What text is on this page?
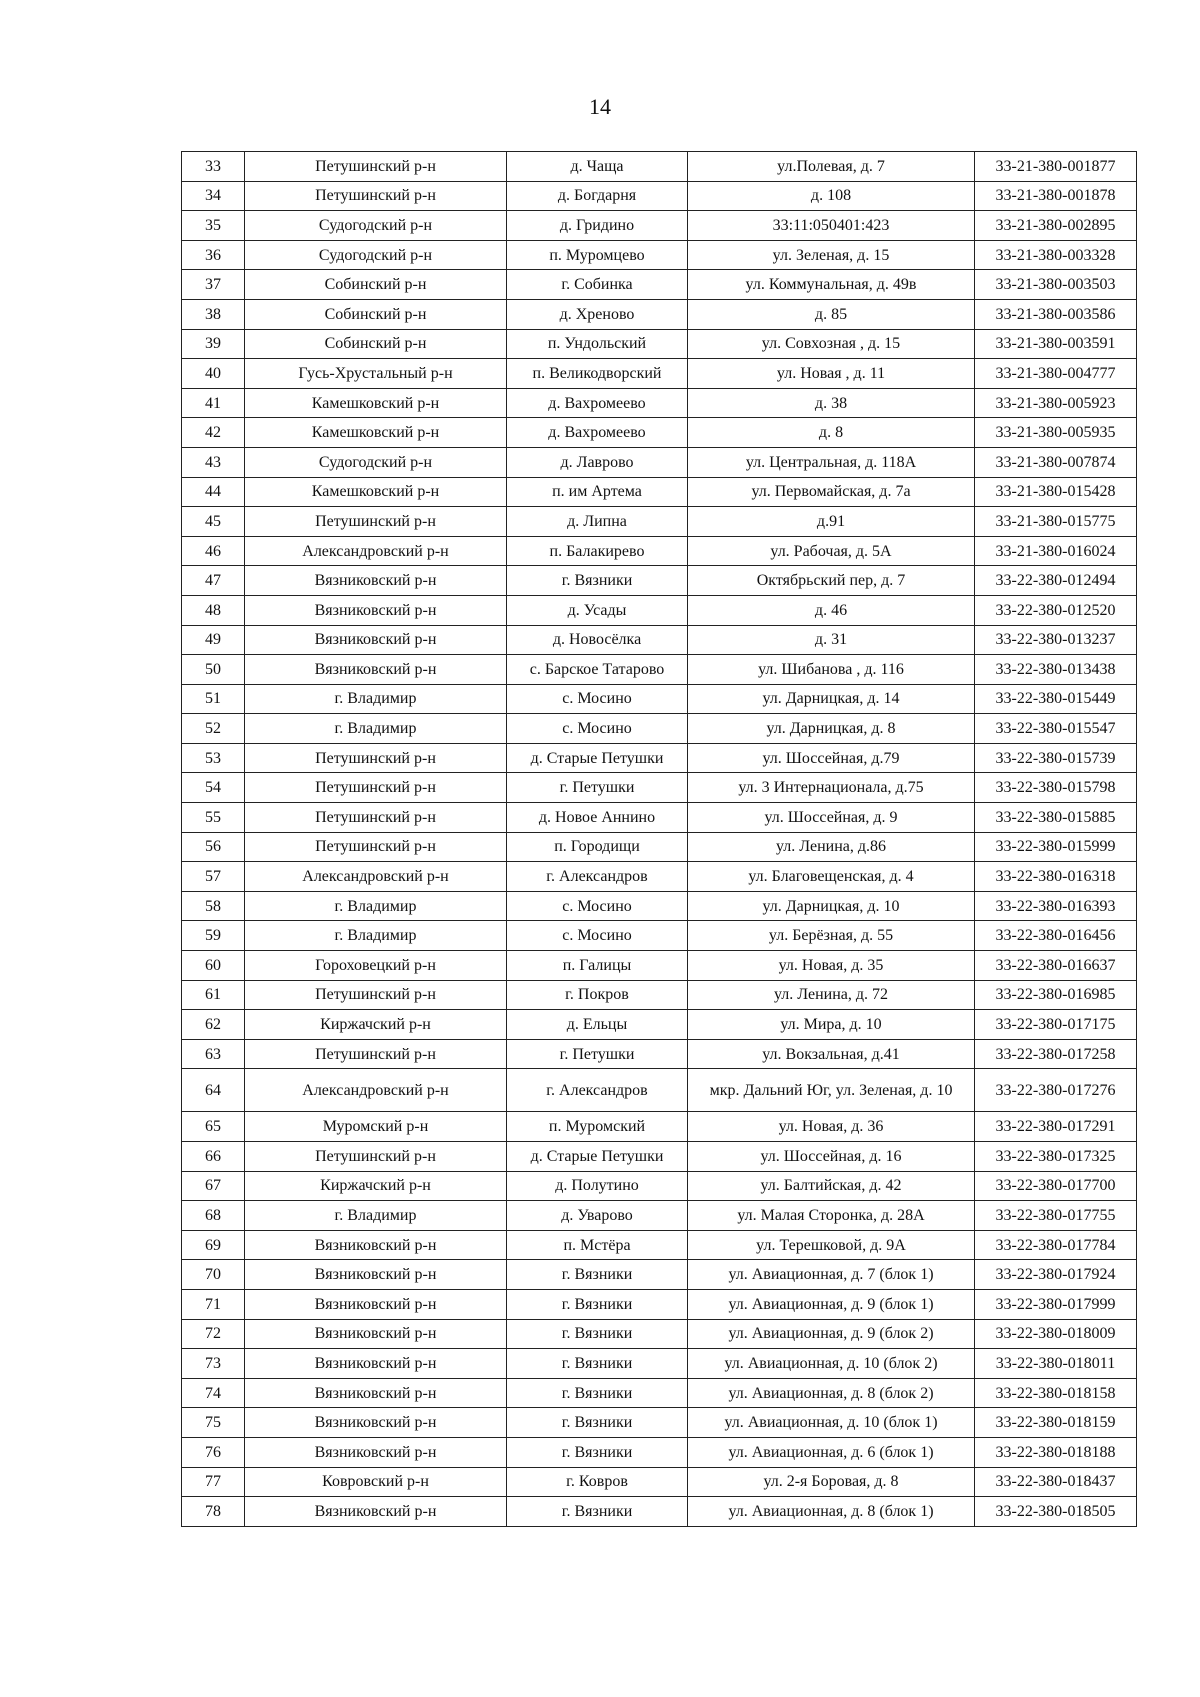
14
33	Петушинский р-н	д. Чаща	ул.Полевая, д. 7	33-21-380-001877
34	Петушинский р-н	д. Богдарня	д. 108	33-21-380-001878
35	Судогодский р-н	д. Гридино	33:11:050401:423	33-21-380-002895
36	Судогодский р-н	п. Муромцево	ул. Зеленая, д. 15	33-21-380-003328
37	Собинский р-н	г. Собинка	ул. Коммунальная, д. 49в	33-21-380-003503
38	Собинский р-н	д. Хреново	д. 85	33-21-380-003586
39	Собинский р-н	п. Ундольский	ул. Совхозная , д. 15	33-21-380-003591
40	Гусь-Хрустальный р-н	п. Великодворский	ул. Новая , д. 11	33-21-380-004777
41	Камешковский р-н	д. Вахромеево	д. 38	33-21-380-005923
42	Камешковский р-н	д. Вахромеево	д. 8	33-21-380-005935
43	Судогодский р-н	д. Лаврово	ул. Центральная, д. 118А	33-21-380-007874
44	Камешковский р-н	п. им Артема	ул. Первомайская, д. 7а	33-21-380-015428
45	Петушинский р-н	д. Липна	д.91	33-21-380-015775
46	Александровский р-н	п. Балакирево	ул. Рабочая, д. 5А	33-21-380-016024
47	Вязниковский р-н	г. Вязники	Октябрьский пер, д. 7	33-22-380-012494
48	Вязниковский р-н	д. Усады	д. 46	33-22-380-012520
49	Вязниковский р-н	д. Новосёлка	д. 31	33-22-380-013237
50	Вязниковский р-н	с. Барское Татарово	ул. Шибанова , д. 116	33-22-380-013438
51	г. Владимир	с. Мосино	ул. Дарницкая, д. 14	33-22-380-015449
52	г. Владимир	с. Мосино	ул. Дарницкая, д. 8	33-22-380-015547
53	Петушинский р-н	д. Старые Петушки	ул. Шоссейная, д.79	33-22-380-015739
54	Петушинский р-н	г. Петушки	ул. 3 Интернационала, д.75	33-22-380-015798
55	Петушинский р-н	д. Новое Аннино	ул. Шоссейная, д. 9	33-22-380-015885
56	Петушинский р-н	п. Городищи	ул. Ленина, д.86	33-22-380-015999
57	Александровский р-н	г. Александров	ул. Благовещенская, д. 4	33-22-380-016318
58	г. Владимир	с. Мосино	ул. Дарницкая, д. 10	33-22-380-016393
59	г. Владимир	с. Мосино	ул. Берёзная, д. 55	33-22-380-016456
60	Гороховецкий р-н	п. Галицы	ул. Новая, д. 35	33-22-380-016637
61	Петушинский р-н	г. Покров	ул. Ленина, д. 72	33-22-380-016985
62	Киржачский р-н	д. Ельцы	ул. Мира, д. 10	33-22-380-017175
63	Петушинский р-н	г. Петушки	ул. Вокзальная, д.41	33-22-380-017258
64	Александровский р-н	г. Александров	мкр. Дальний Юг, ул. Зеленая, д. 10	33-22-380-017276
65	Муромский р-н	п. Муромский	ул. Новая, д. 36	33-22-380-017291
66	Петушинский р-н	д. Старые Петушки	ул. Шоссейная, д. 16	33-22-380-017325
67	Киржачский р-н	д. Полутино	ул. Балтийская, д. 42	33-22-380-017700
68	г. Владимир	д. Уварово	ул. Малая Сторонка, д. 28А	33-22-380-017755
69	Вязниковский р-н	п. Мстёра	ул. Терешковой, д. 9А	33-22-380-017784
70	Вязниковский р-н	г. Вязники	ул. Авиационная, д. 7 (блок 1)	33-22-380-017924
71	Вязниковский р-н	г. Вязники	ул. Авиационная, д. 9 (блок 1)	33-22-380-017999
72	Вязниковский р-н	г. Вязники	ул. Авиационная, д. 9 (блок 2)	33-22-380-018009
73	Вязниковский р-н	г. Вязники	ул. Авиационная, д. 10 (блок 2)	33-22-380-018011
74	Вязниковский р-н	г. Вязники	ул. Авиационная, д. 8 (блок 2)	33-22-380-018158
75	Вязниковский р-н	г. Вязники	ул. Авиационная, д. 10 (блок 1)	33-22-380-018159
76	Вязниковский р-н	г. Вязники	ул. Авиационная, д. 6 (блок 1)	33-22-380-018188
77	Ковровский р-н	г. Ковров	ул. 2-я Боровая, д. 8	33-22-380-018437
78	Вязниковский р-н	г. Вязники	ул. Авиационная, д. 8 (блок 1)	33-22-380-018505
